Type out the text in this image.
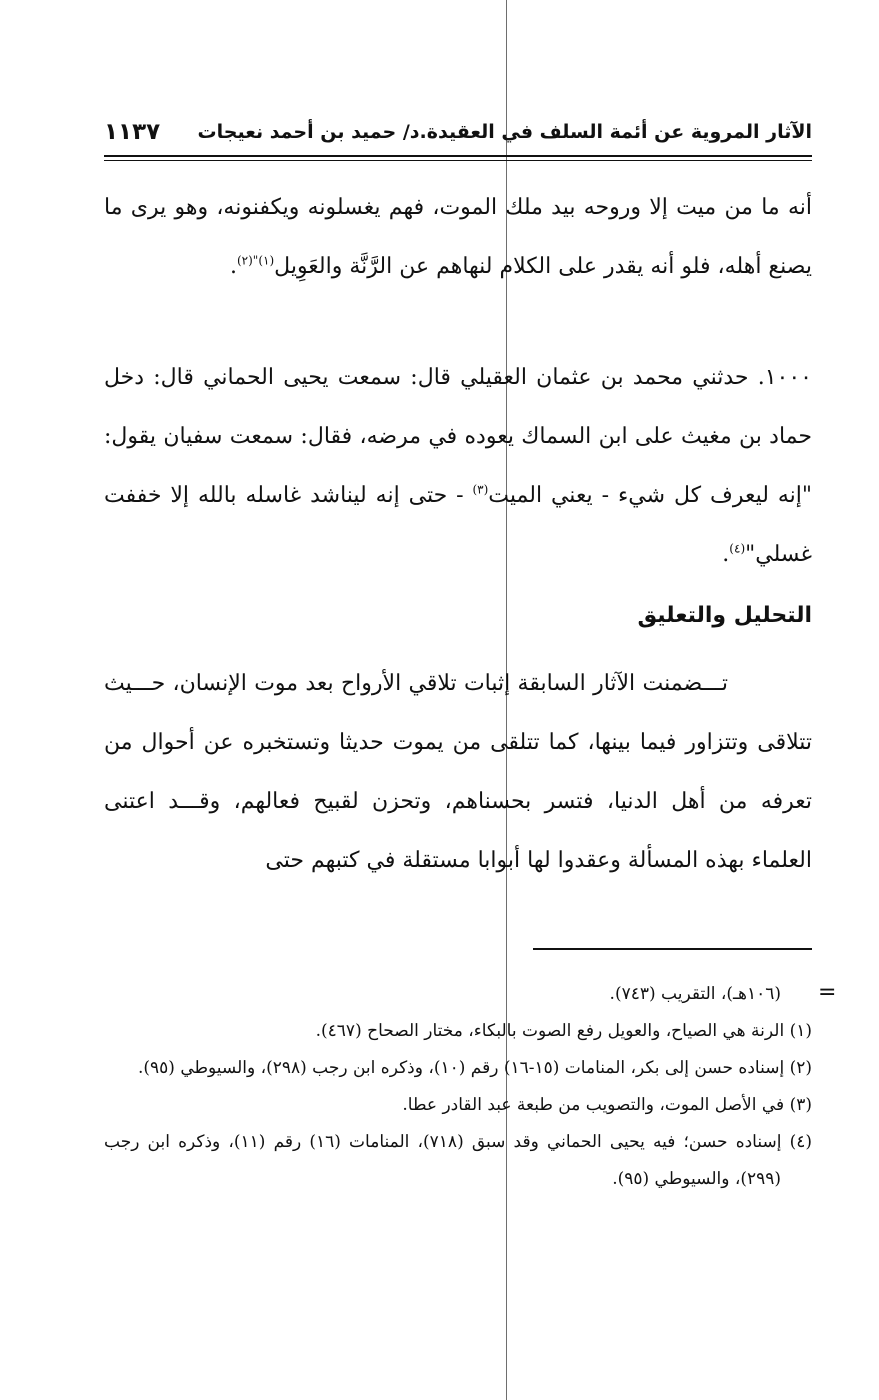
الآثار المروية عن أئمة السلف في العقيدة.د/ حميد بن أحمد نعيجات
١١٣٧
أنه ما من ميت إلا وروحه بيد ملك الموت، فهم يغسلونه ويكفنونه، وهو يرى ما يصنع أهله، فلو أنه يقدر على الكلام لنهاهم عن الرَّنَّة والعَوِيل$^{(١)"(٢)}$.
١٠٠٠. حدثني محمد بن عثمان العقيلي قال: سمعت يحيى الحماني قال: دخل حماد بن مغيث على ابن السماك يعوده في مرضه، فقال: سمعت سفيان يقول: "إنه ليعرف كل شيء - يعني الميت$^{(٣)}$ - حتى إنه ليناشد غاسله بالله إلا خففت غسلي"$^{(٤)}$.
التحليل والتعليق
تـــضمنت الآثار السابقة إثبات تلاقي الأرواح بعد موت الإنسان، حـــيث تتلاقى وتتزاور فيما بينها، كما تتلقى من يموت حديثا وتستخبره عن أحوال من تعرفه من أهل الدنيا، فتسر بحسناهم، وتحزن لقبيح فعالهم، وقـــد اعتنى العلماء بهذه المسألة وعقدوا لها أبوابا مستقلة في كتبهم حتى
=

(١٠٦هـ)، التقريب (٧٤٣).

(١) الرنة هي الصياح، والعويل رفع الصوت بالبكاء، مختار الصحاح (٤٦٧).

(٢) إسناده حسن إلى بكر، المنامات (١٥-١٦) رقم (١٠)، وذكره ابن رجب (٢٩٨)، والسيوطي (٩٥).

(٣) في الأصل الموت، والتصويب من طبعة عبد القادر عطا.

(٤) إسناده حسن؛ فيه يحيى الحماني وقد سبق (٧١٨)، المنامات (١٦) رقم (١١)، وذكره ابن رجب (٢٩٩)، والسيوطي (٩٥).
